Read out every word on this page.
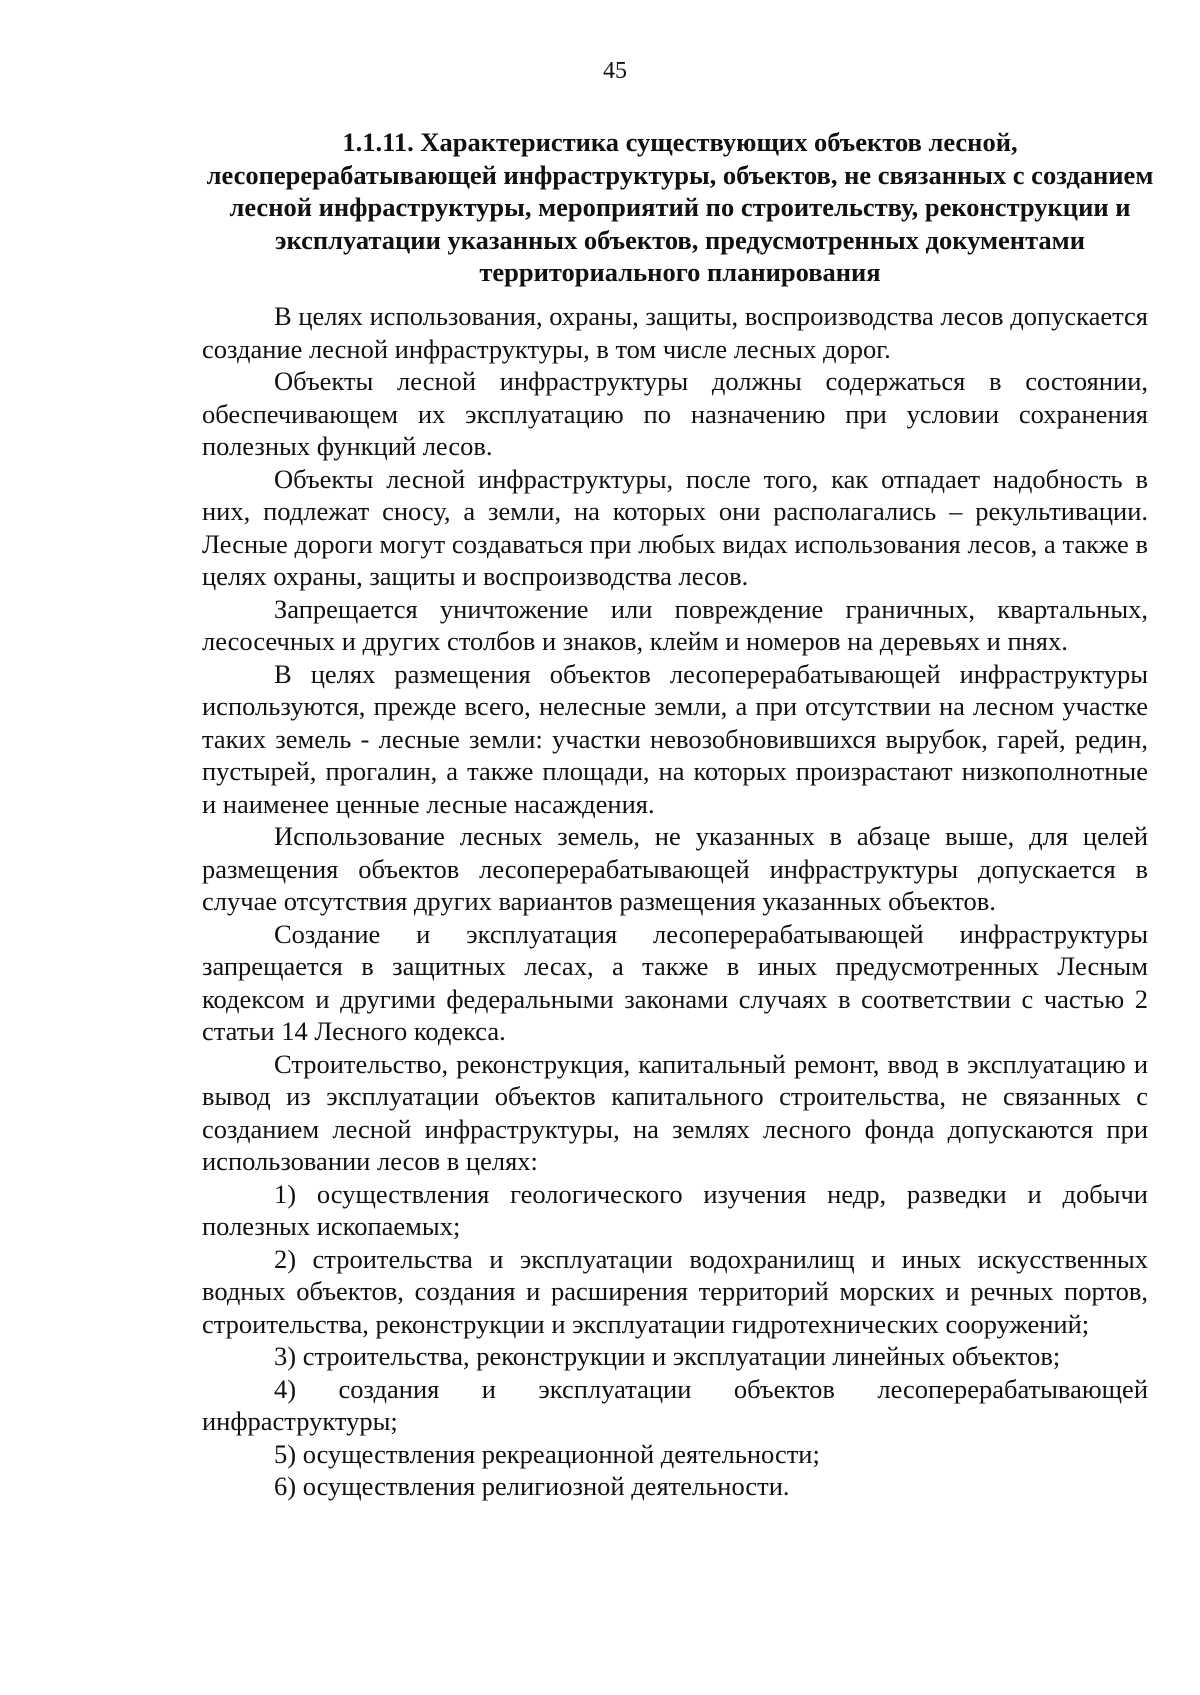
45
1.1.11. Характеристика существующих объектов лесной, лесоперерабатывающей инфраструктуры, объектов, не связанных с созданием лесной инфраструктуры, мероприятий по строительству, реконструкции и эксплуатации указанных объектов, предусмотренных документами территориального планирования

В целях использования, охраны, защиты, воспроизводства лесов допускается создание лесной инфраструктуры, в том числе лесных дорог.

Объекты лесной инфраструктуры должны содержаться в состоянии, обеспечивающем их эксплуатацию по назначению при условии сохранения полезных функций лесов.

Объекты лесной инфраструктуры, после того, как отпадает надобность в них, подлежат сносу, а земли, на которых они располагались – рекультивации. Лесные дороги могут создаваться при любых видах использования лесов, а также в целях охраны, защиты и воспроизводства лесов.

Запрещается уничтожение или повреждение граничных, квартальных, лесосечных и других столбов и знаков, клейм и номеров на деревьях и пнях.

В целях размещения объектов лесоперерабатывающей инфраструктуры используются, прежде всего, нелесные земли, а при отсутствии на лесном участке таких земель - лесные земли: участки невозобновившихся вырубок, гарей, редин, пустырей, прогалин, а также площади, на которых произрастают низкополнотные и наименее ценные лесные насаждения.

Использование лесных земель, не указанных в абзаце выше, для целей размещения объектов лесоперерабатывающей инфраструктуры допускается в случае отсутствия других вариантов размещения указанных объектов.

Создание и эксплуатация лесоперерабатывающей инфраструктуры запрещается в защитных лесах, а также в иных предусмотренных Лесным кодексом и другими федеральными законами случаях в соответствии с частью 2 статьи 14 Лесного кодекса.

Строительство, реконструкция, капитальный ремонт, ввод в эксплуатацию и вывод из эксплуатации объектов капитального строительства, не связанных с созданием лесной инфраструктуры, на землях лесного фонда допускаются при использовании лесов в целях:

1) осуществления геологического изучения недр, разведки и добычи полезных ископаемых;

2) строительства и эксплуатации водохранилищ и иных искусственных водных объектов, создания и расширения территорий морских и речных портов, строительства, реконструкции и эксплуатации гидротехнических сооружений;

3) строительства, реконструкции и эксплуатации линейных объектов;

4) создания и эксплуатации объектов лесоперерабатывающей инфраструктуры;

5) осуществления рекреационной деятельности;

6) осуществления религиозной деятельности.
